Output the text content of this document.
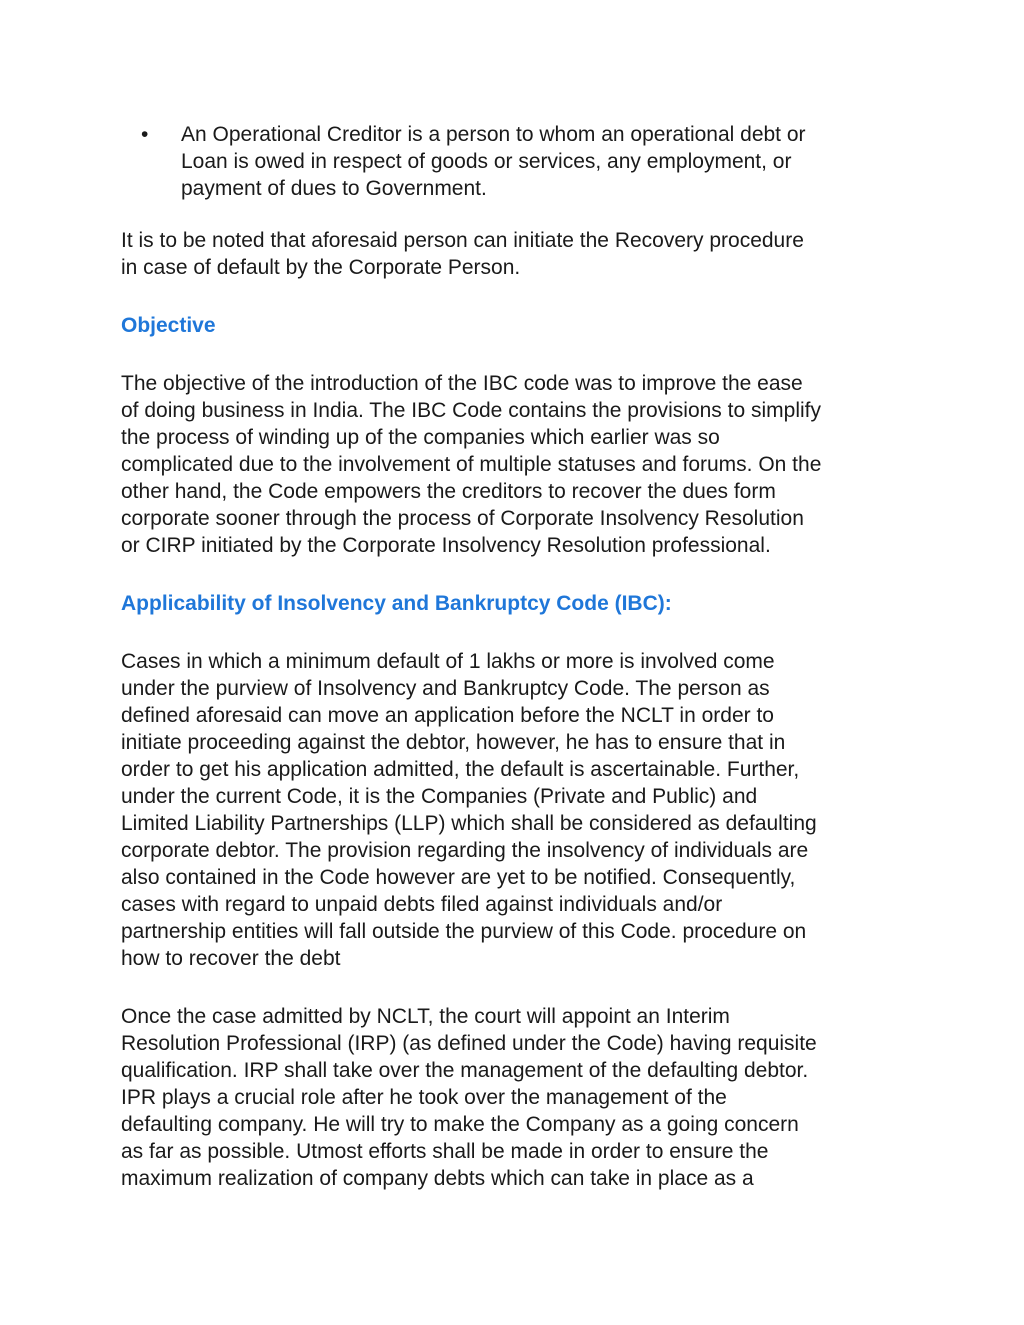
• An Operational Creditor is a person to whom an operational debt or
Loan is owed in respect of goods or services, any employment, or
payment of dues to Government.
It is to be noted that aforesaid person can initiate the Recovery procedure
in case of default by the Corporate Person.
Objective
The objective of the introduction of the IBC code was to improve the ease
of doing business in India. The IBC Code contains the provisions to simplify
the process of winding up of the companies which earlier was so
complicated due to the involvement of multiple statuses and forums. On the
other hand, the Code empowers the creditors to recover the dues form
corporate sooner through the process of Corporate Insolvency Resolution
or CIRP initiated by the Corporate Insolvency Resolution professional.
Applicability of Insolvency and Bankruptcy Code (IBC):
Cases in which a minimum default of 1 lakhs or more is involved come
under the purview of Insolvency and Bankruptcy Code. The person as
defined aforesaid can move an application before the NCLT in order to
initiate proceeding against the debtor, however, he has to ensure that in
order to get his application admitted, the default is ascertainable. Further,
under the current Code, it is the Companies (Private and Public) and
Limited Liability Partnerships (LLP) which shall be considered as defaulting
corporate debtor. The provision regarding the insolvency of individuals are
also contained in the Code however are yet to be notified. Consequently,
cases with regard to unpaid debts filed against individuals and/or
partnership entities will fall outside the purview of this Code. procedure on
how to recover the debt
Once the case admitted by NCLT, the court will appoint an Interim
Resolution Professional (IRP) (as defined under the Code) having requisite
qualification. IRP shall take over the management of the defaulting debtor.
IPR plays a crucial role after he took over the management of the
defaulting company. He will try to make the Company as a going concern
as far as possible. Utmost efforts shall be made in order to ensure the
maximum realization of company debts which can take in place as a
